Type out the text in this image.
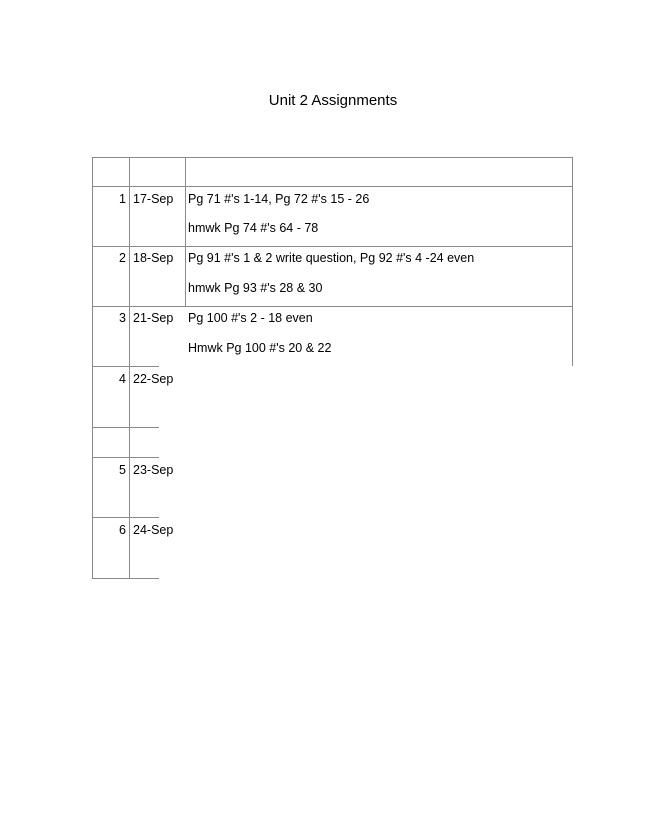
Unit 2 Assignments
1 17-Sep Pg 71 #'s 1-14, Pg 72 #'s 15 - 26
hmwk Pg 74 #'s 64 - 78
2 18-Sep Pg 91 #'s 1 & 2 write question, Pg 92 #'s 4 -24 even
hmwk Pg 93 #'s 28 & 30
3 21-Sep Pg 100 #'s 2 - 18 even
Hmwk Pg 100 #'s 20 & 22
4 22-Sep
5 23-Sep
6 24-Sep
